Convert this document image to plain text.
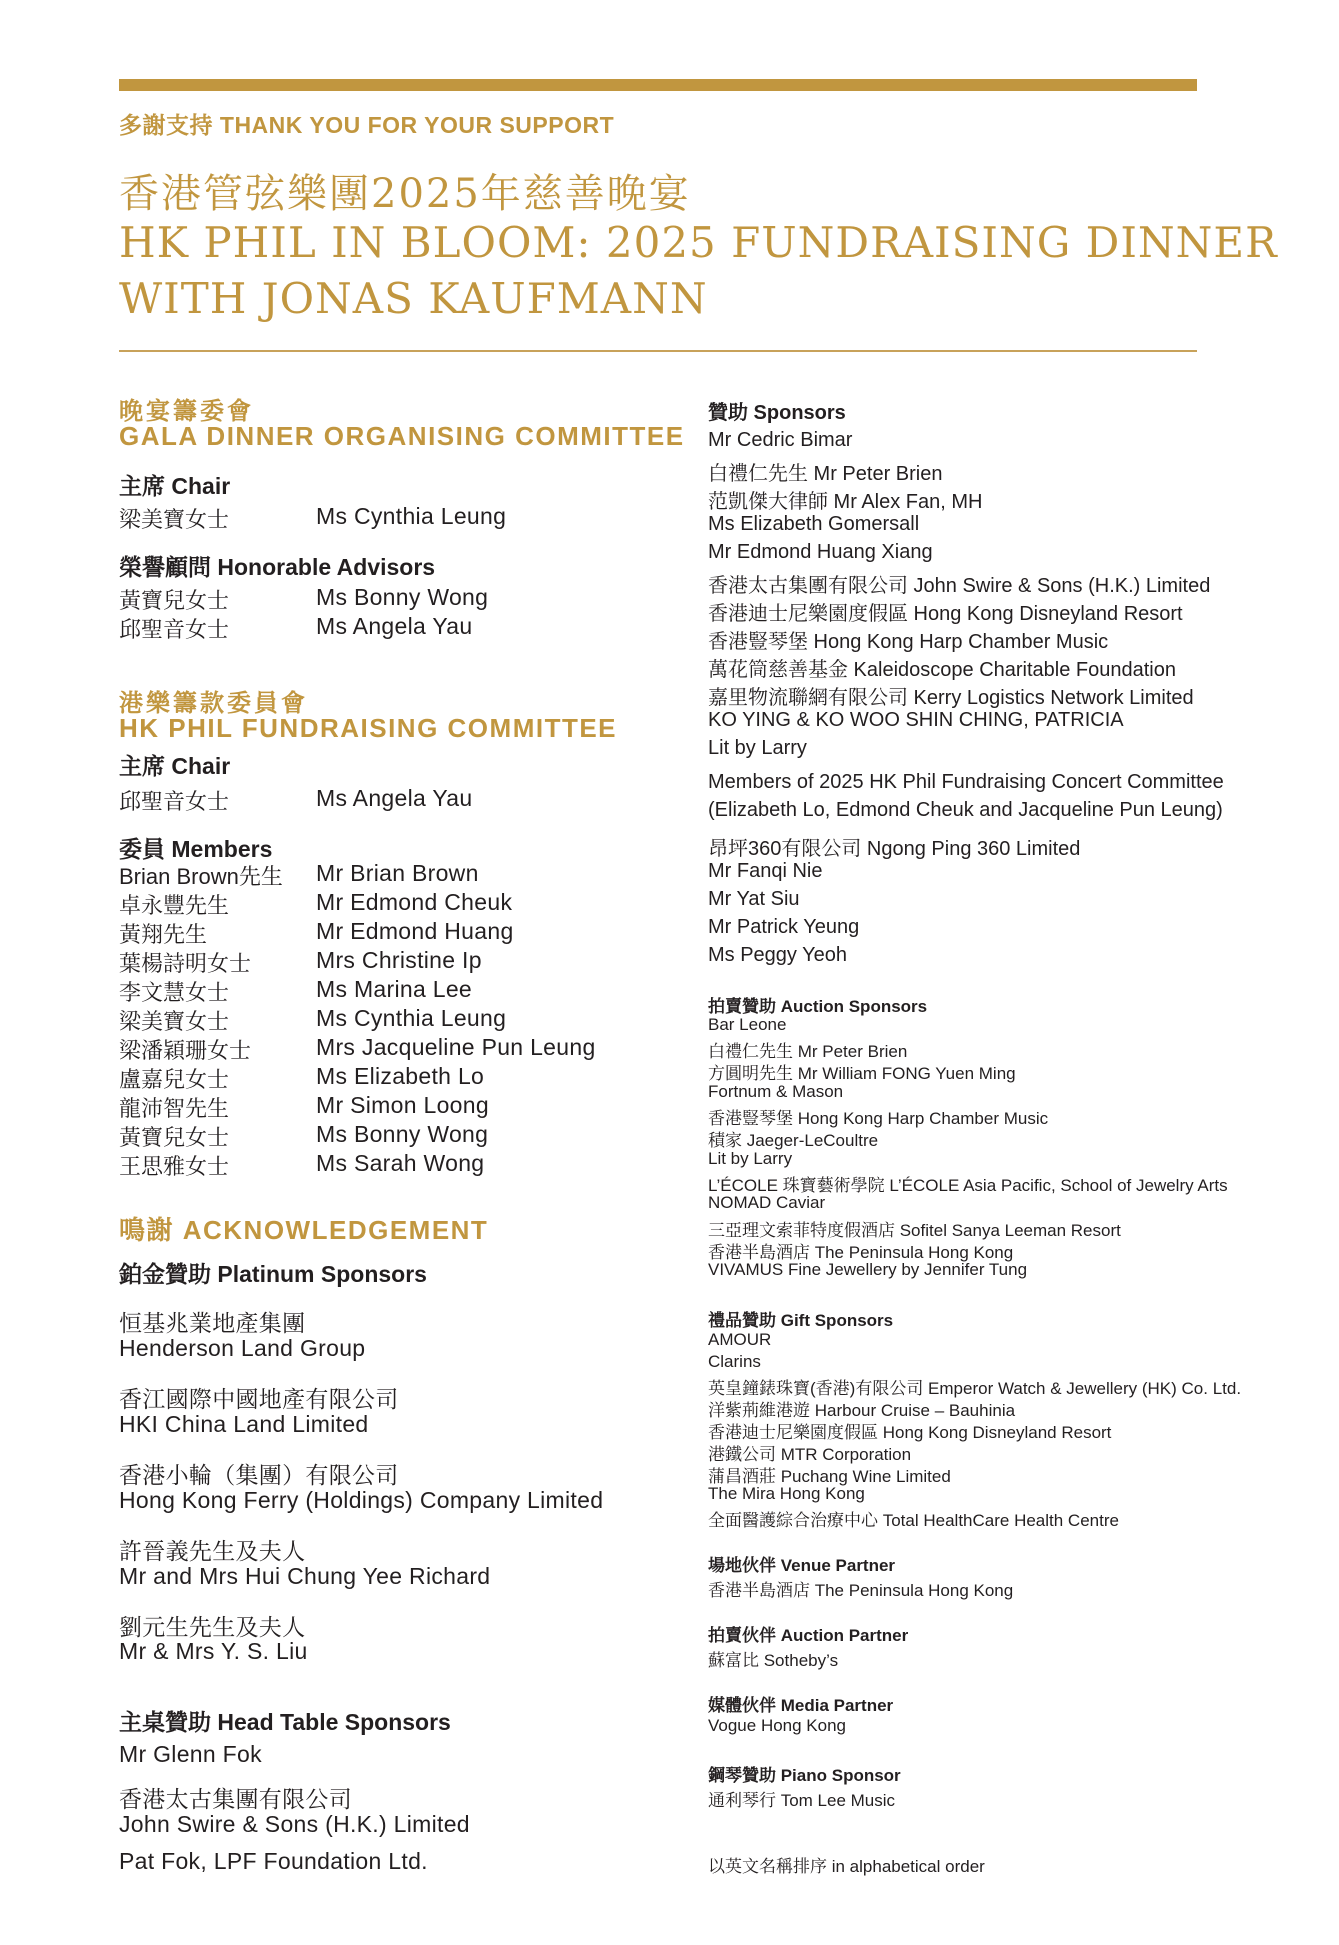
多謝支持 THANK YOU FOR YOUR SUPPORT
香港管弦樂團2025年慈善晚宴
HK PHIL IN BLOOM: 2025 FUNDRAISING DINNER
WITH JONAS KAUFMANN
晚宴籌委會
GALA DINNER ORGANISING COMMITTEE
主席 Chair
梁美寶女士	Ms Cynthia Leung
榮譽顧問 Honorable Advisors
黃寶兒女士	Ms Bonny Wong
邱聖音女士	Ms Angela Yau
港樂籌款委員會
HK PHIL FUNDRAISING COMMITTEE
主席 Chair
邱聖音女士	Ms Angela Yau
委員 Members
Brian Brown先生 Mr Brian Brown
卓永豐先生	Mr Edmond Cheuk
黃翔先生	Mr Edmond Huang
葉楊詩明女士	Mrs Christine Ip
李文慧女士	Ms Marina Lee
梁美寶女士	Ms Cynthia Leung
梁潘穎珊女士	Mrs Jacqueline Pun Leung
盧嘉兒女士	Ms Elizabeth Lo
龍沛智先生	Mr Simon Loong
黃寶兒女士	Ms Bonny Wong
王思雅女士	Ms Sarah Wong
鳴謝 ACKNOWLEDGEMENT
鉑金贊助 Platinum Sponsors
恒基兆業地產集團
Henderson Land Group
香江國際中國地產有限公司
HKI China Land Limited
香港小輪（集團）有限公司
Hong Kong Ferry (Holdings) Company Limited
許晉義先生及夫人
Mr and Mrs Hui Chung Yee Richard
劉元生先生及夫人
Mr & Mrs Y. S. Liu
主桌贊助 Head Table Sponsors
Mr Glenn Fok
香港太古集團有限公司
John Swire & Sons (H.K.) Limited
Pat Fok, LPF Foundation Ltd.
贊助 Sponsors
Mr Cedric Bimar
白禮仁先生 Mr Peter Brien
范凱傑大律師 Mr Alex Fan, MH
Ms Elizabeth Gomersall
Mr Edmond Huang Xiang
香港太古集團有限公司 John Swire & Sons (H.K.) Limited
香港迪士尼樂園度假區 Hong Kong Disneyland Resort
香港豎琴堡 Hong Kong Harp Chamber Music
萬花筒慈善基金 Kaleidoscope Charitable Foundation
嘉里物流聯網有限公司 Kerry Logistics Network Limited
KO YING & KO WOO SHIN CHING, PATRICIA
Lit by Larry
Members of 2025 HK Phil Fundraising Concert Committee
(Elizabeth Lo, Edmond Cheuk and Jacqueline Pun Leung)
昂坪360有限公司 Ngong Ping 360 Limited
Mr Fanqi Nie
Mr Yat Siu
Mr Patrick Yeung
Ms Peggy Yeoh
拍賣贊助 Auction Sponsors
Bar Leone
白禮仁先生 Mr Peter Brien
方圓明先生 Mr William FONG Yuen Ming
Fortnum & Mason
香港豎琴堡 Hong Kong Harp Chamber Music
積家 Jaeger-LeCoultre
Lit by Larry
L’ÉCOLE 珠寶藝術學院 L’ÉCOLE Asia Pacific, School of Jewelry Arts
NOMAD Caviar
三亞理文索菲特度假酒店 Sofitel Sanya Leeman Resort
香港半島酒店 The Peninsula Hong Kong
VIVAMUS Fine Jewellery by Jennifer Tung
禮品贊助 Gift Sponsors
AMOUR
Clarins
英皇鐘錶珠寶(香港)有限公司 Emperor Watch & Jewellery (HK) Co. Ltd.
洋紫荊維港遊 Harbour Cruise – Bauhinia
香港迪士尼樂園度假區 Hong Kong Disneyland Resort
港鐵公司 MTR Corporation
蒲昌酒莊 Puchang Wine Limited
The Mira Hong Kong
全面醫護綜合治療中心 Total HealthCare Health Centre
場地伙伴 Venue Partner
香港半島酒店 The Peninsula Hong Kong
拍賣伙伴 Auction Partner
蘇富比 Sotheby’s
媒體伙伴 Media Partner
Vogue Hong Kong
鋼琴贊助 Piano Sponsor
通利琴行 Tom Lee Music
以英文名稱排序 in alphabetical order
